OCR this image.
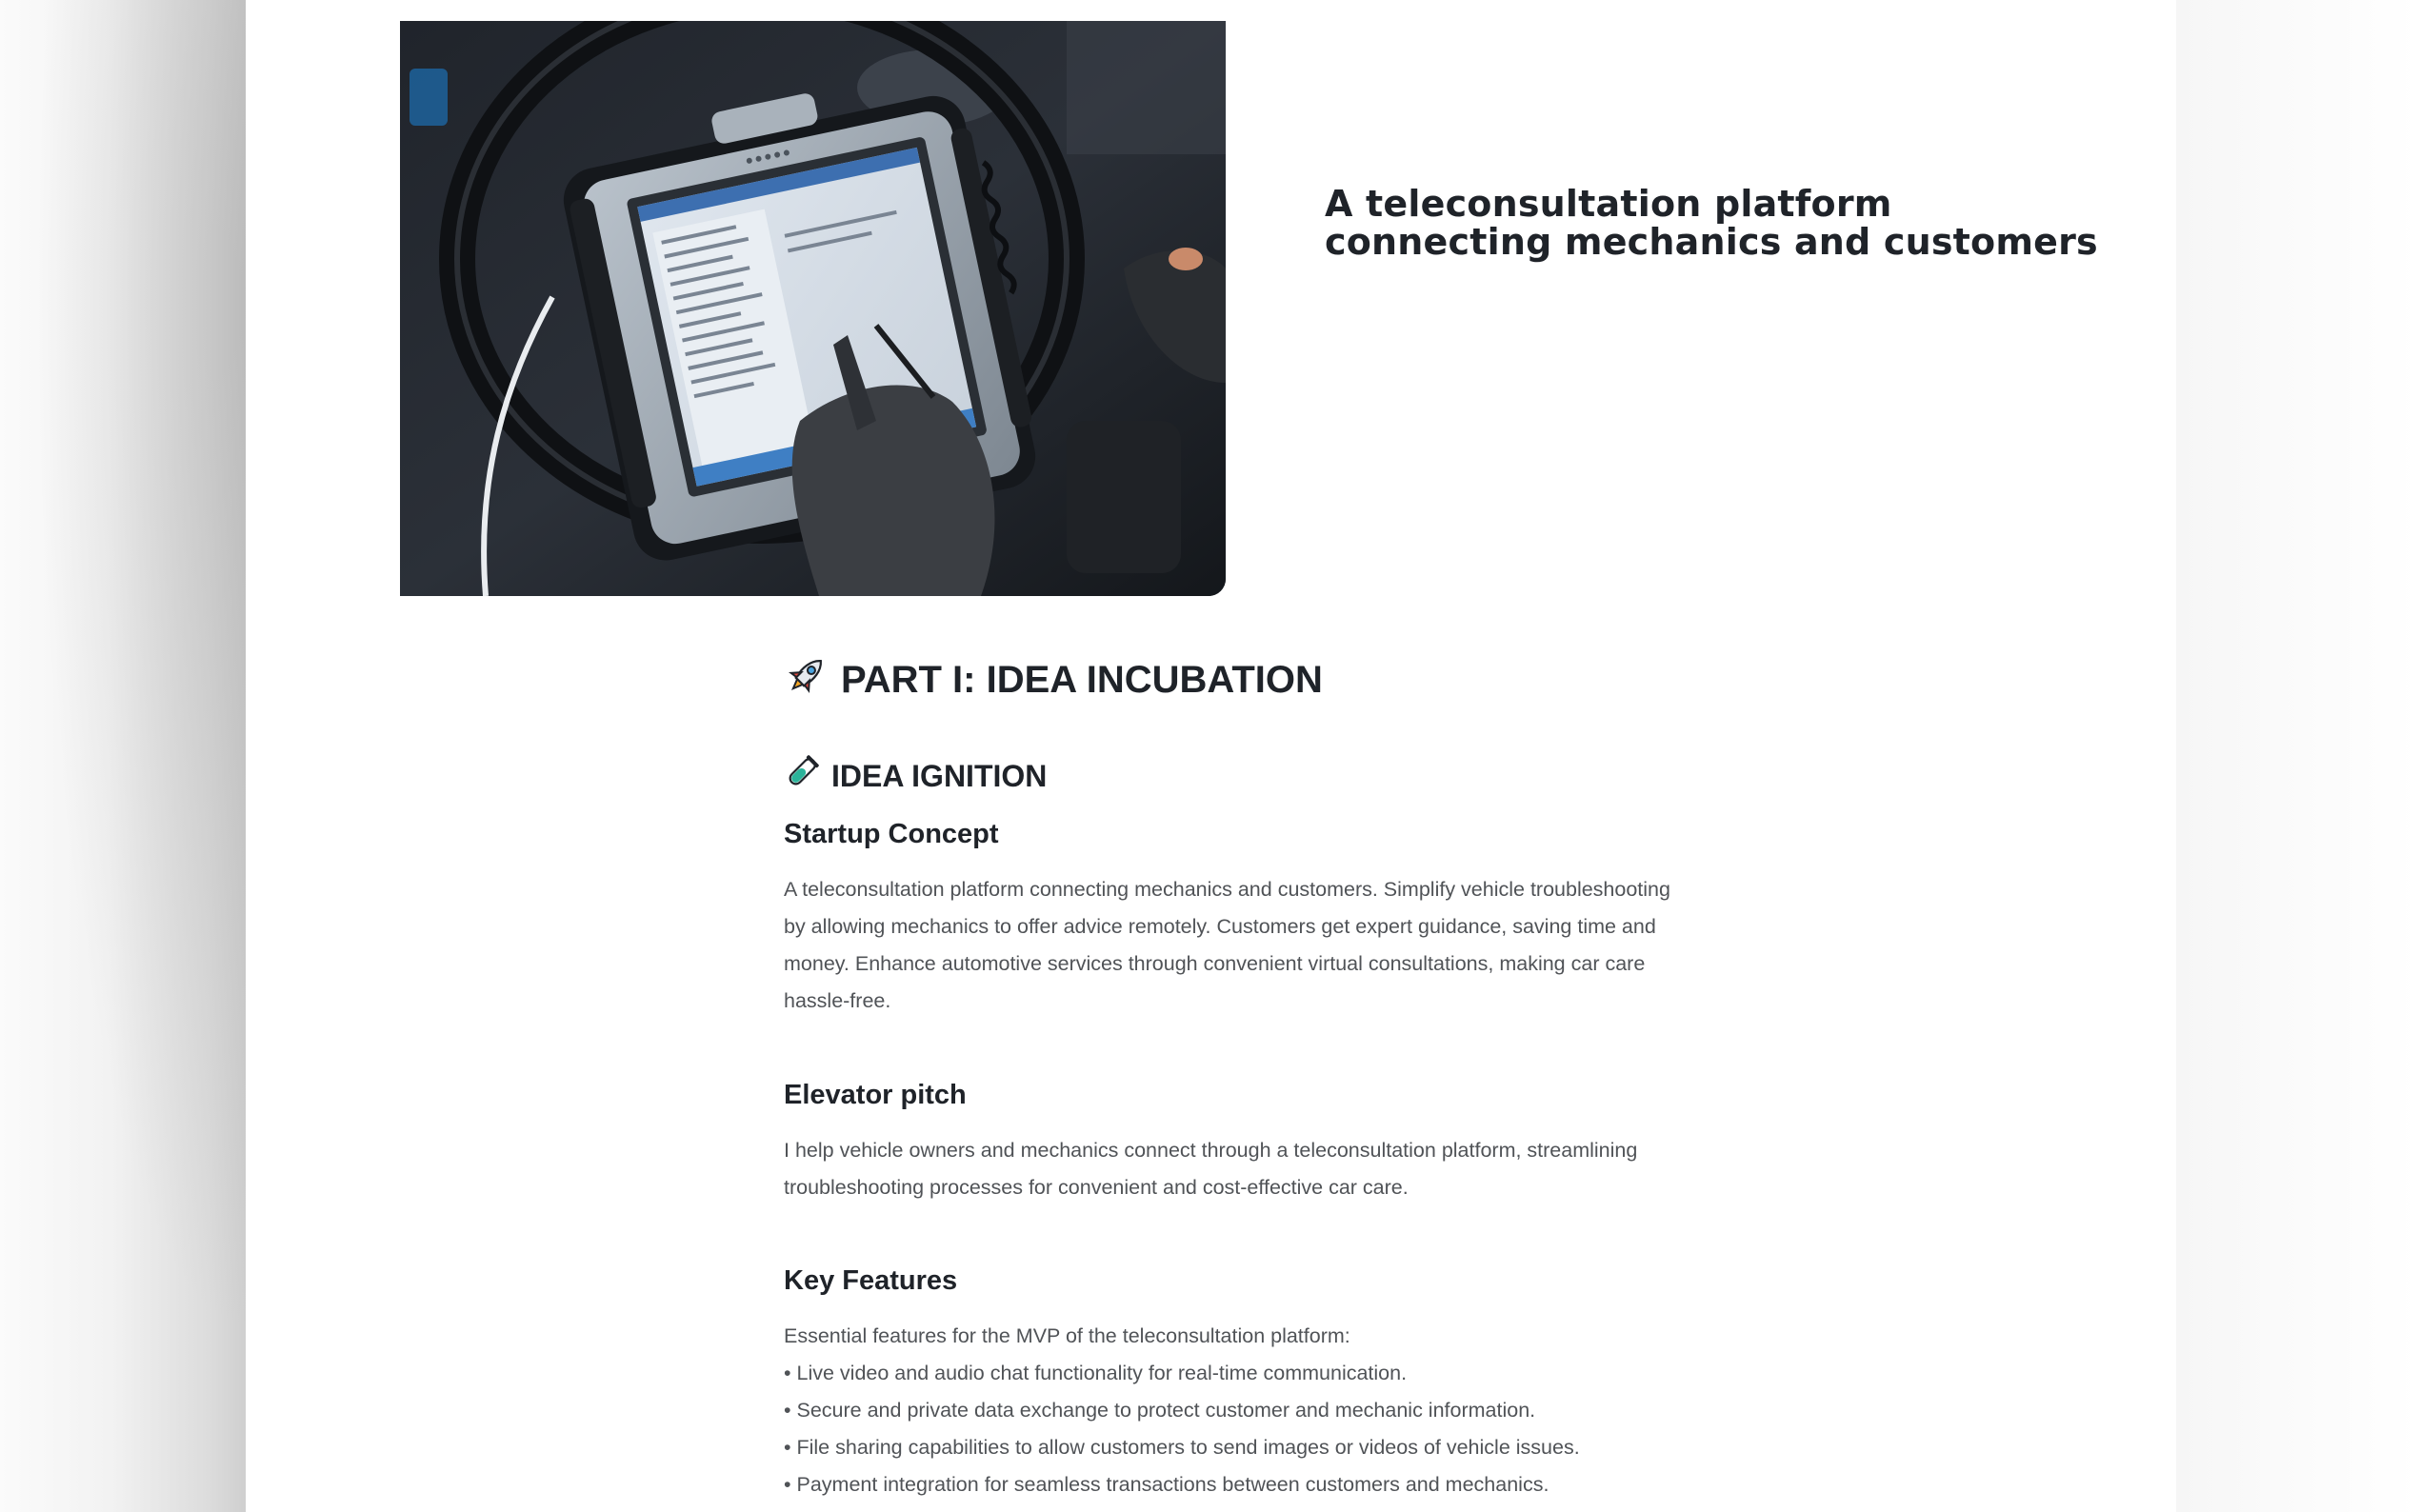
A teleconsultation platform connecting mechanics and customers
PART I: IDEA INCUBATION
IDEA IGNITION
Startup Concept

A teleconsultation platform connecting mechanics and customers. Simplify vehicle troubleshooting
by allowing mechanics to offer advice remotely. Customers get expert guidance, saving time and
money. Enhance automotive services through convenient virtual consultations, making car care
hassle-free.

Elevator pitch

I help vehicle owners and mechanics connect through a teleconsultation platform, streamlining
troubleshooting processes for convenient and cost-effective car care.

Key Features

Essential features for the MVP of the teleconsultation platform:

• Live video and audio chat functionality for real-time communication.
• Secure and private data exchange to protect customer and mechanic information.
• File sharing capabilities to allow customers to send images or videos of vehicle issues.
• Payment integration for seamless transactions between customers and mechanics.
